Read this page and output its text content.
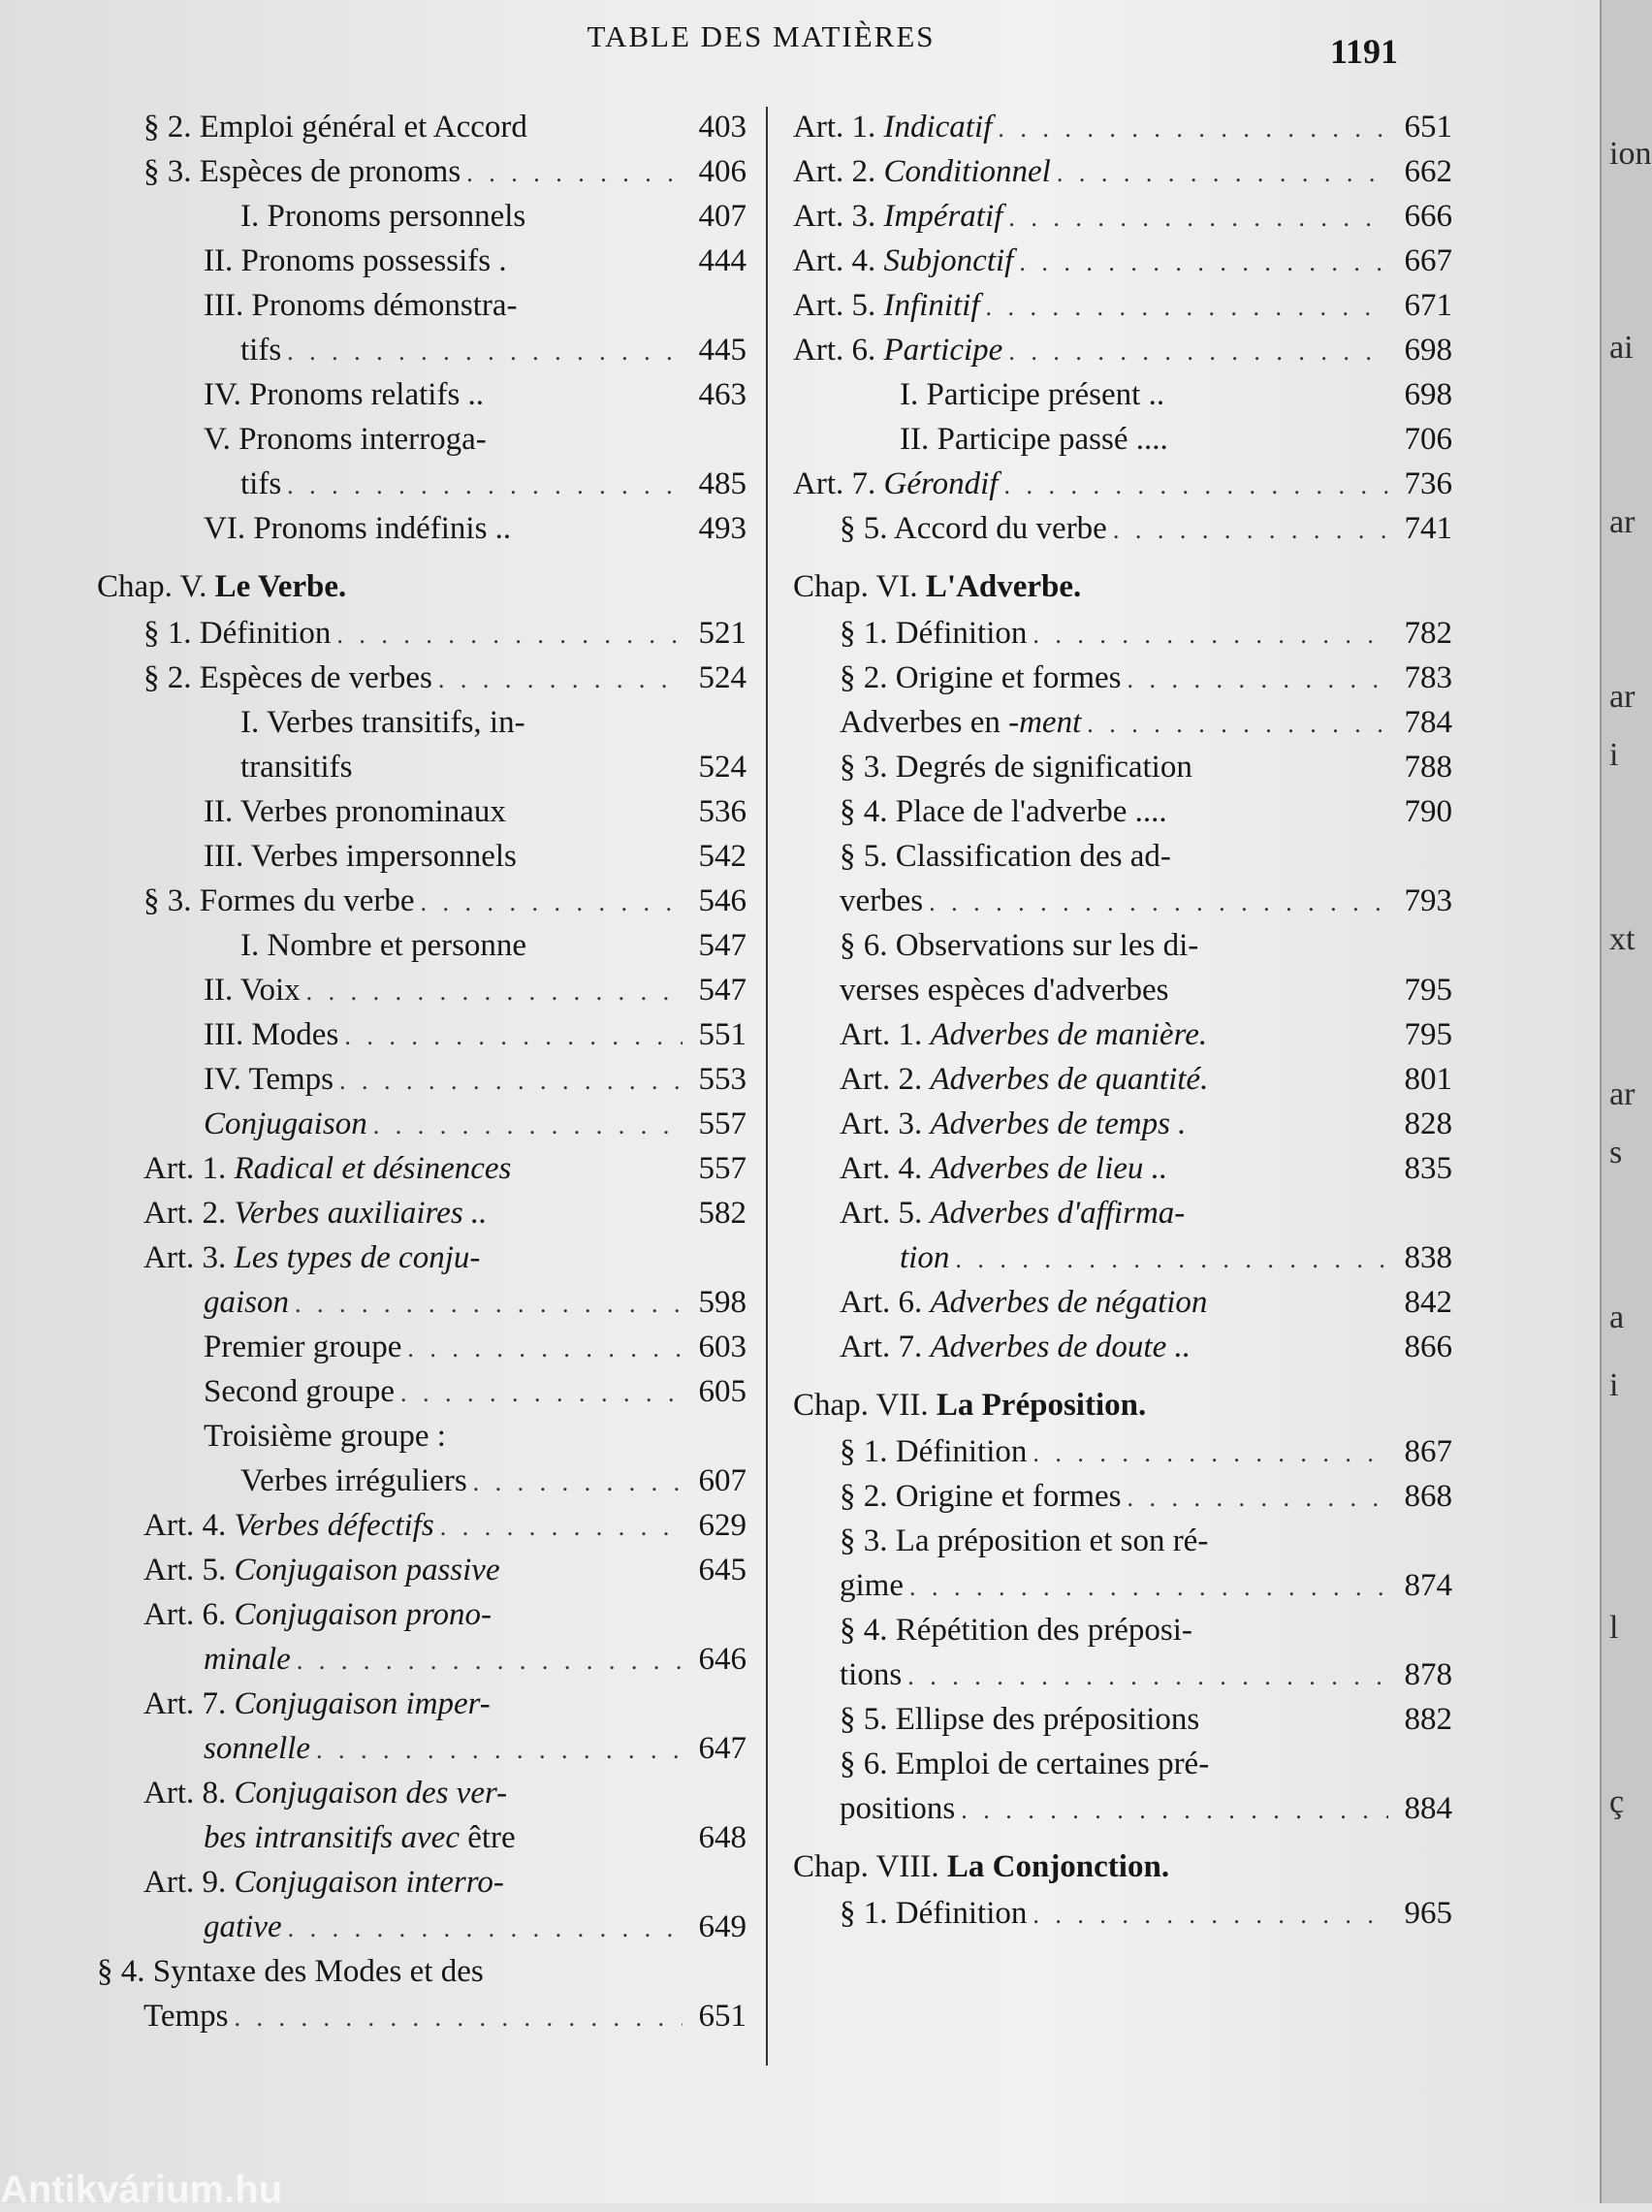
TABLE DES MATIÈRES	1191
§ 2. Emploi général et Accord	403
§ 3. Espèces de pronoms . . .	406
I. Pronoms personnels	407
II. Pronoms possessifs .	444
III. Pronoms démonstra-
tifs . . .	445
IV. Pronoms relatifs ..	463
V. Pronoms interroga-
tifs . . .	485
VI. Pronoms indéfinis ..	493
Chap. V. Le Verbe.
§ 1. Définition . . .	521
§ 2. Espèces de verbes . . .	524
I. Verbes transitifs, in-
transitifs	524
II. Verbes pronominaux	536
III. Verbes impersonnels	542
§ 3. Formes du verbe . . .	546
I. Nombre et personne	547
II. Voix . . .	547
III. Modes . . .	551
IV. Temps . . .	553
Conjugaison . . .	557
Art. 1. Radical et désinences	557
Art. 2. Verbes auxiliaires ..	582
Art. 3. Les types de conju-
gaison . . .	598
Premier groupe . . .	603
Second groupe . . .	605
Troisième groupe :
Verbes irréguliers . . .	607
Art. 4. Verbes défectifs . . .	629
Art. 5. Conjugaison passive	645
Art. 6. Conjugaison prono-
minale . . .	646
Art. 7. Conjugaison imper-
sonnelle . . .	647
Art. 8. Conjugaison des ver-
bes intransitifs avec être	648
Art. 9. Conjugaison interro-
gative . . .	649
§ 4. Syntaxe des Modes et des
Temps . . .	651
Art. 1. Indicatif . . .	651
Art. 2. Conditionnel . . .	662
Art. 3. Impératif . . .	666
Art. 4. Subjonctif . . .	667
Art. 5. Infinitif . . .	671
Art. 6. Participe . . .	698
I. Participe présent ..	698
II. Participe passé ....	706
Art. 7. Gérondif . . .	736
§ 5. Accord du verbe . . .	741
Chap. VI. L'Adverbe.
§ 1. Définition . . .	782
§ 2. Origine et formes . . .	783
Adverbes en -ment . . .	784
§ 3. Degrés de signification	788
§ 4. Place de l'adverbe ....	790
§ 5. Classification des ad-
verbes . . .	793
§ 6. Observations sur les di-
verses espèces d'adverbes	795
Art. 1. Adverbes de manière.	795
Art. 2. Adverbes de quantité.	801
Art. 3. Adverbes de temps .	828
Art. 4. Adverbes de lieu ..	835
Art. 5. Adverbes d'affirma-
tion . . .	838
Art. 6. Adverbes de négation	842
Art. 7. Adverbes de doute ..	866
Chap. VII. La Préposition.
§ 1. Définition . . .	867
§ 2. Origine et formes . . .	868
§ 3. La préposition et son ré-
gime . . .	874
§ 4. Répétition des préposi-
tions . . .	878
§ 5. Ellipse des prépositions	882
§ 6. Emploi de certaines pré-
positions . . .	884
Chap. VIII. La Conjonction.
§ 1. Définition . . .	965
ion
ai
ar
ar
i
xt
ar
s
a
i
l
ç
Antikvárium.hu
